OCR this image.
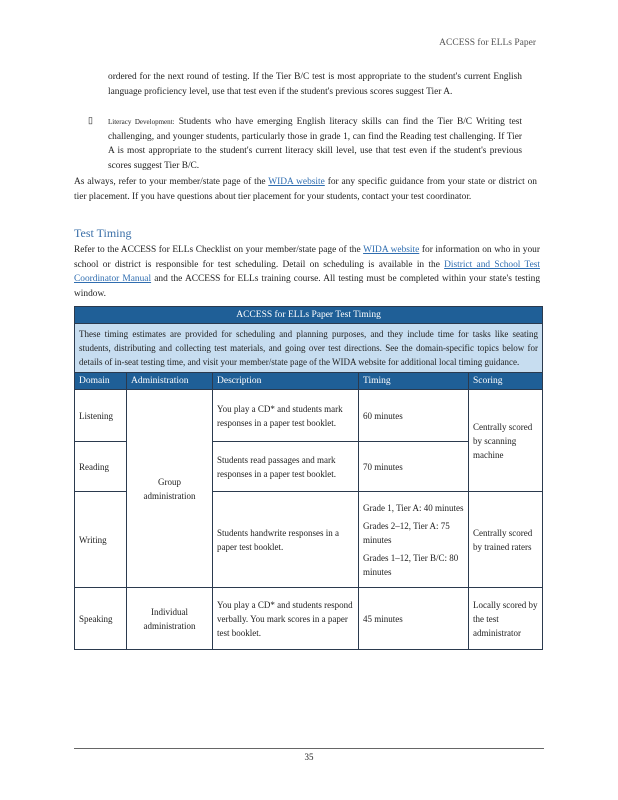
ACCESS for ELLs Paper
ordered for the next round of testing. If the Tier B/C test is most appropriate to the student's current English language proficiency level, use that test even if the student's previous scores suggest Tier A.
▯ Literacy Development: Students who have emerging English literacy skills can find the Tier B/C Writing test challenging, and younger students, particularly those in grade 1, can find the Reading test challenging. If Tier A is most appropriate to the student's current literacy skill level, use that test even if the student's previous scores suggest Tier B/C.
As always, refer to your member/state page of the WIDA website for any specific guidance from your state or district on tier placement. If you have questions about tier placement for your students, contact your test coordinator.
Test Timing
Refer to the ACCESS for ELLs Checklist on your member/state page of the WIDA website for information on who in your school or district is responsible for test scheduling. Detail on scheduling is available in the District and School Test Coordinator Manual and the ACCESS for ELLs training course. All testing must be completed within your state's testing window.
ACCESS for ELLs Paper Test Timing				
These timing estimates are provided for scheduling and planning purposes, and they include time for tasks like seating students, distributing and collecting test materials, and going over test directions. See the domain-specific topics below for details of in-seat testing time, and visit your member/state page of the WIDA website for additional local timing guidance.				
Domain	Administration	Description	Timing	Scoring
Listening	Group administration	You play a CD* and students mark responses in a paper test booklet.	60 minutes	Centrally scored by scanning machine
Reading		Students read passages and mark responses in a paper test booklet.	70 minutes	
Writing		Students handwrite responses in a paper test booklet.	Grade 1, Tier A: 40 minutes
Grades 2–12, Tier A: 75 minutes
Grades 1–12, Tier B/C: 80 minutes	Centrally scored by trained raters
Speaking	Individual administration	You play a CD* and students respond verbally. You mark scores in a paper test booklet.	45 minutes	Locally scored by the test administrator
35
